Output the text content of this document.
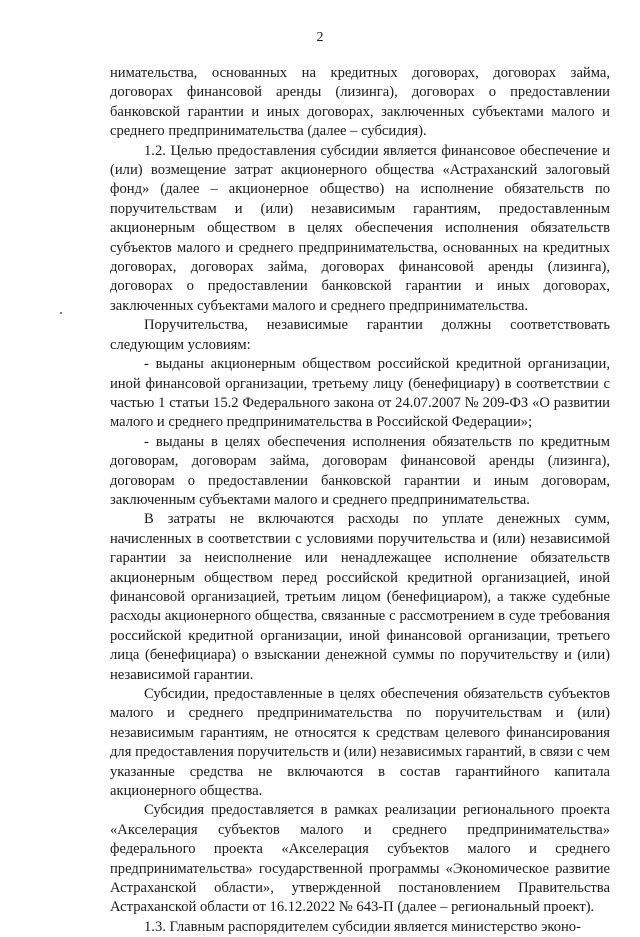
2

нимательства, основанных на кредитных договорах, договорах займа, договорах финансовой аренды (лизинга), договорах о предоставлении банковской гарантии и иных договорах, заключенных субъектами малого и среднего предпринимательства (далее – субсидия).

1.2. Целью предоставления субсидии является финансовое обеспечение и (или) возмещение затрат акционерного общества «Астраханский залоговый фонд» (далее – акционерное общество) на исполнение обязательств по поручительствам и (или) независимым гарантиям, предоставленным акционерным обществом в целях обеспечения исполнения обязательств субъектов малого и среднего предпринимательства, основанных на кредитных договорах, договорах займа, договорах финансовой аренды (лизинга), договорах о предоставлении банковской гарантии и иных договорах, заключенных субъектами малого и среднего предпринимательства.

Поручительства, независимые гарантии должны соответствовать следующим условиям:

- выданы акционерным обществом российской кредитной организации, иной финансовой организации, третьему лицу (бенефициару) в соответствии с частью 1 статьи 15.2 Федерального закона от 24.07.2007 № 209-ФЗ «О развитии малого и среднего предпринимательства в Российской Федерации»;

- выданы в целях обеспечения исполнения обязательств по кредитным договорам, договорам займа, договорам финансовой аренды (лизинга), договорам о предоставлении банковской гарантии и иным договорам, заключенным субъектами малого и среднего предпринимательства.

В затраты не включаются расходы по уплате денежных сумм, начисленных в соответствии с условиями поручительства и (или) независимой гарантии за неисполнение или ненадлежащее исполнение обязательств акционерным обществом перед российской кредитной организацией, иной финансовой организацией, третьим лицом (бенефициаром), а также судебные расходы акционерного общества, связанные с рассмотрением в суде требования российской кредитной организации, иной финансовой организации, третьего лица (бенефициара) о взыскании денежной суммы по поручительству и (или) независимой гарантии.

Субсидии, предоставленные в целях обеспечения обязательств субъектов малого и среднего предпринимательства по поручительствам и (или) независимым гарантиям, не относятся к средствам целевого финансирования для предоставления поручительств и (или) независимых гарантий, в связи с чем указанные средства не включаются в состав гарантийного капитала акционерного общества.

Субсидия предоставляется в рамках реализации регионального проекта «Акселерация субъектов малого и среднего предпринимательства» федерального проекта «Акселерация субъектов малого и среднего предпринимательства» государственной программы «Экономическое развитие Астраханской области», утвержденной постановлением Правительства Астраханской области от 16.12.2022 № 643-П (далее – региональный проект).

1.3. Главным распорядителем субсидии является министерство эконо-
